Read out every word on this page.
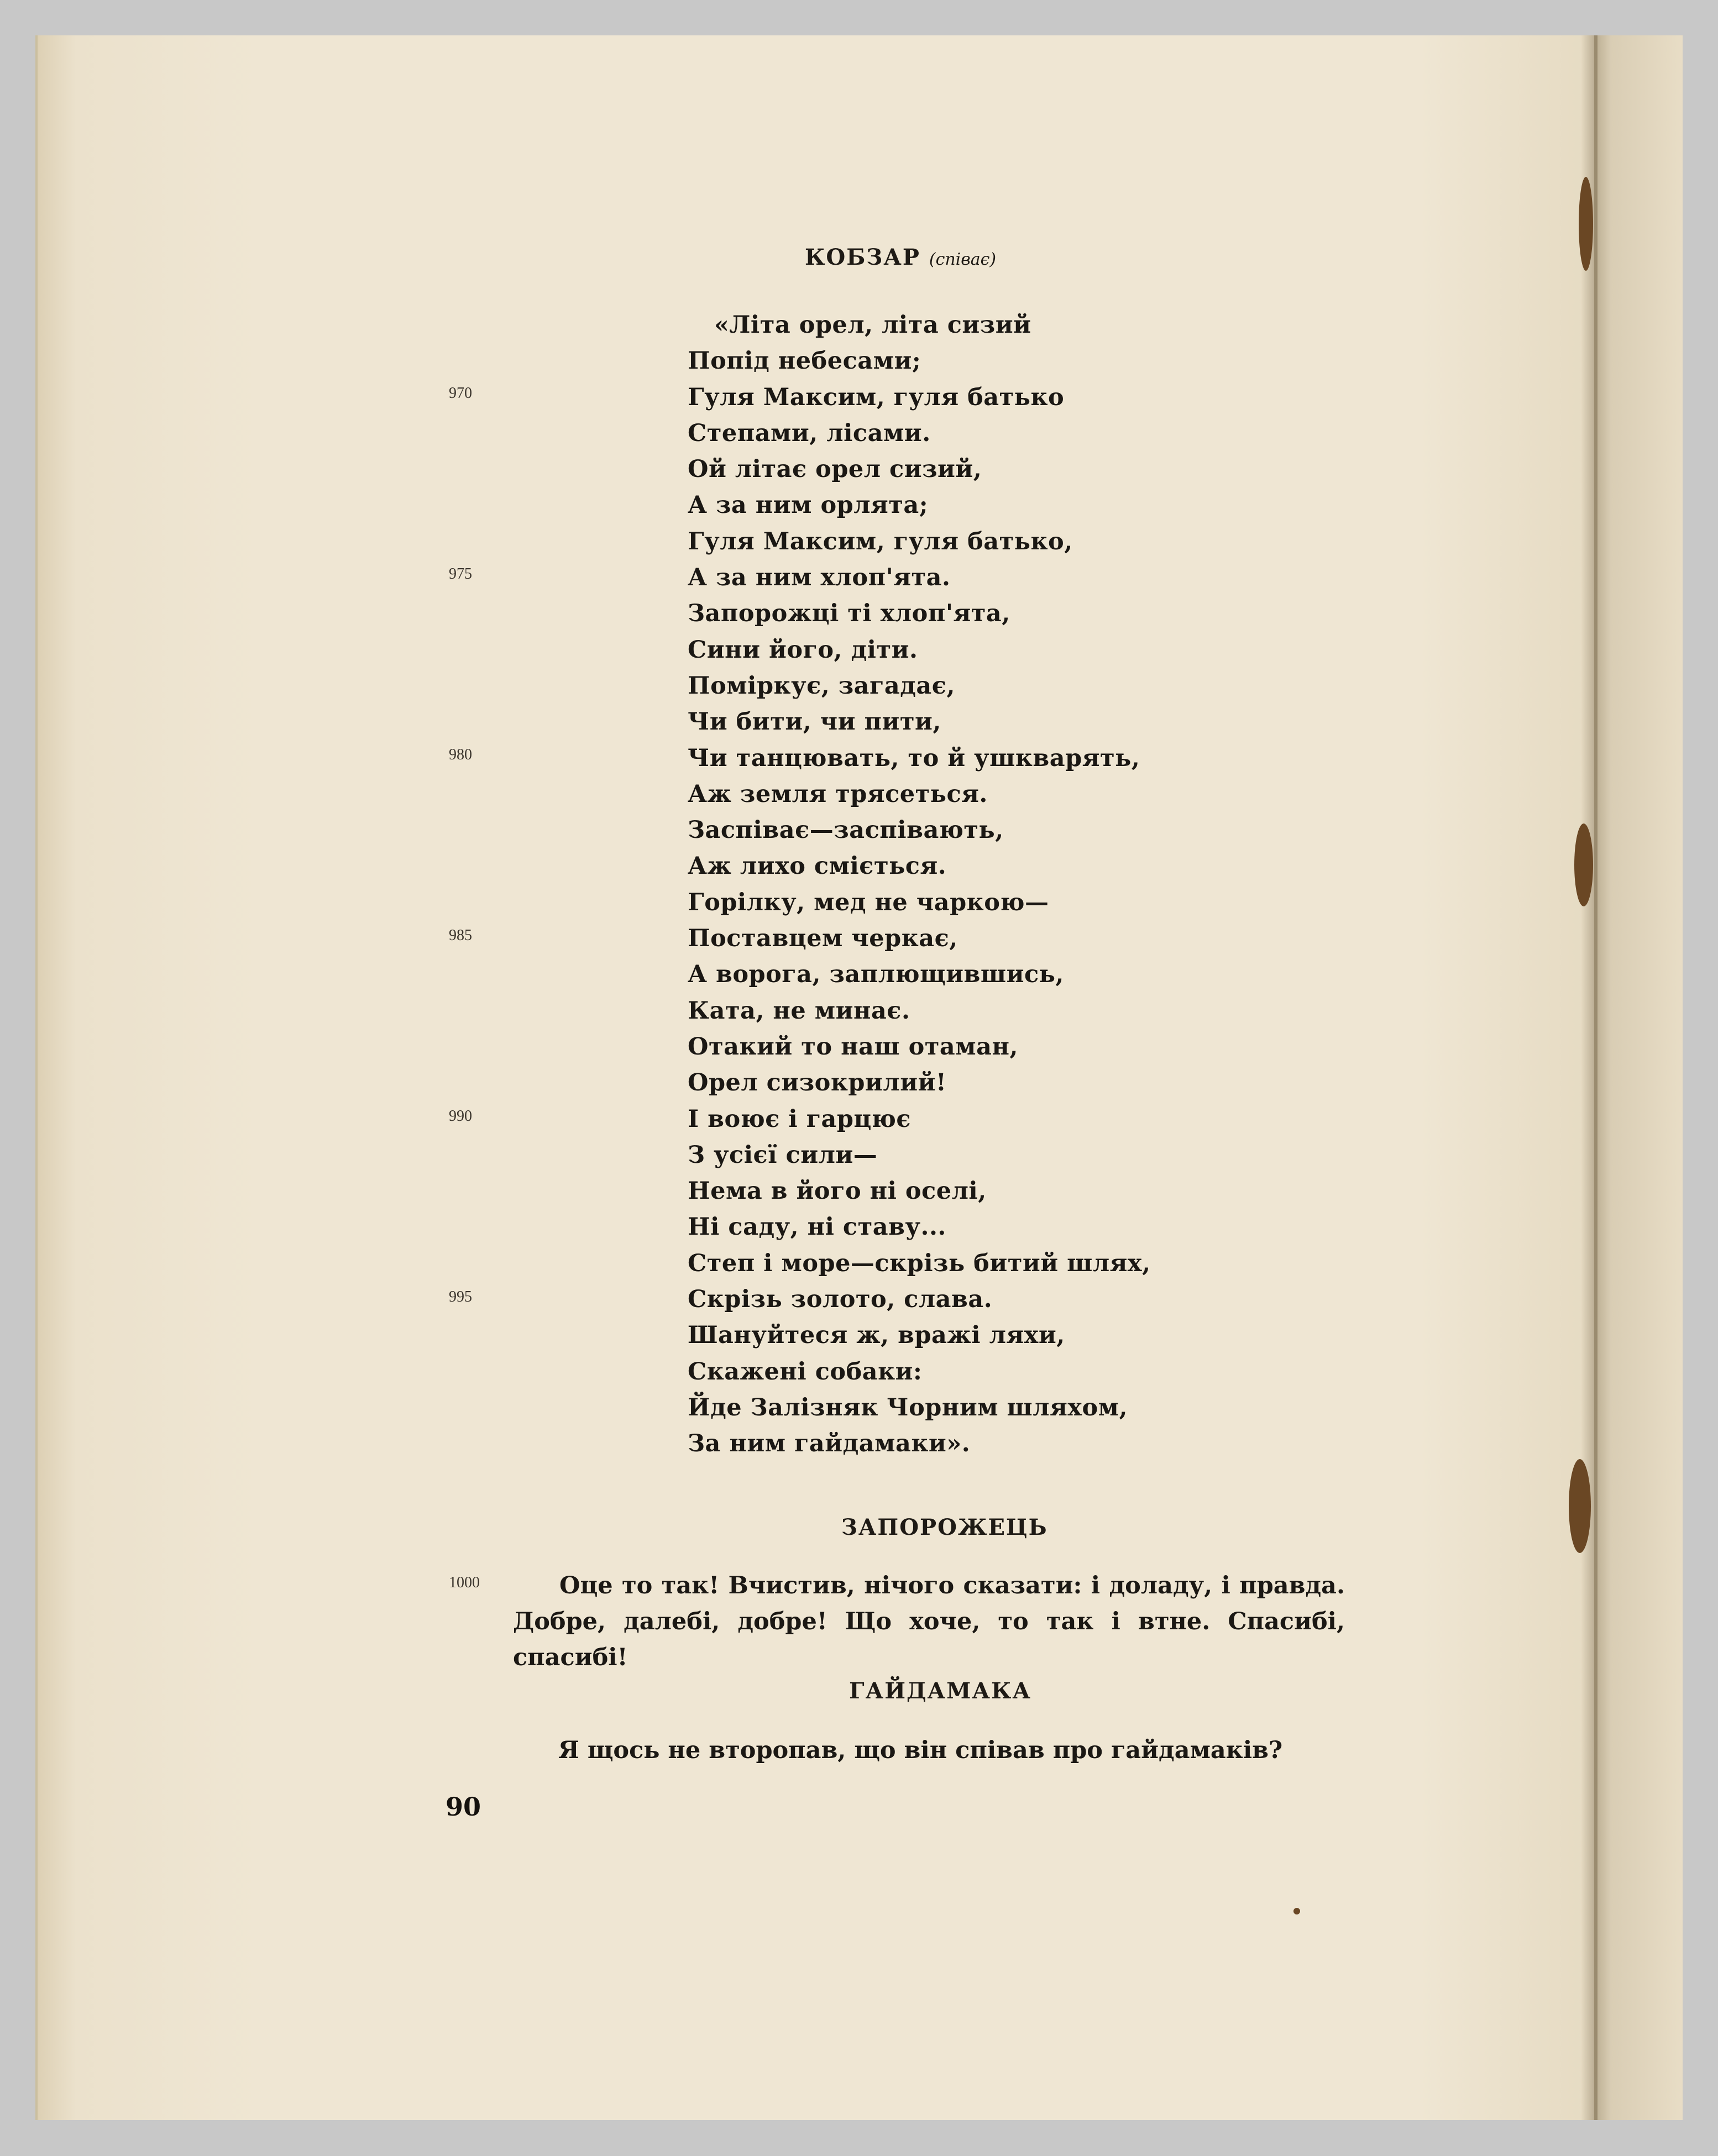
КОБЗАР (співає)
«Літа орел, літа сизий
Попід небесами;
Гуля Максим, гуля батько
Степами, лісами.
Ой літає орел сизий,
А за ним орлята;
Гуля Максим, гуля батько,
А за ним хлоп'ята.
Запорожці ті хлоп'ята,
Сини його, діти.
Поміркує, загадає,
Чи бити, чи пити,
Чи танцювать, то й ушкварять,
Аж земля трясеться.
Заспіває—заспівають,
Аж лихо сміється.
Горілку, мед не чаркою—
Поставцем черкає,
А ворога, заплющившись,
Ката, не минає.
Отакий то наш отаман,
Орел сизокрилий!
І воює і гарцює
З усієї сили—
Нема в його ні оселі,
Ні саду, ні ставу...
Степ і море—скрізь битий шлях,
Скрізь золото, слава.
Шануйтеся ж, вражі ляхи,
Скажені собаки:
Йде Залізняк Чорним шляхом,
За ним гайдамаки».
970
975
980
985
990
995
1000
ЗАПОРОЖЕЦЬ

Оце то так! Вчистив, нічого сказати: і доладу, і правда. Добре, далебі, добре! Що хоче, то так і втне. Спасибі, спасибі!

ГАЙДАМАКА

Я щось не второпав, що він співав про гайдамаків?

90
